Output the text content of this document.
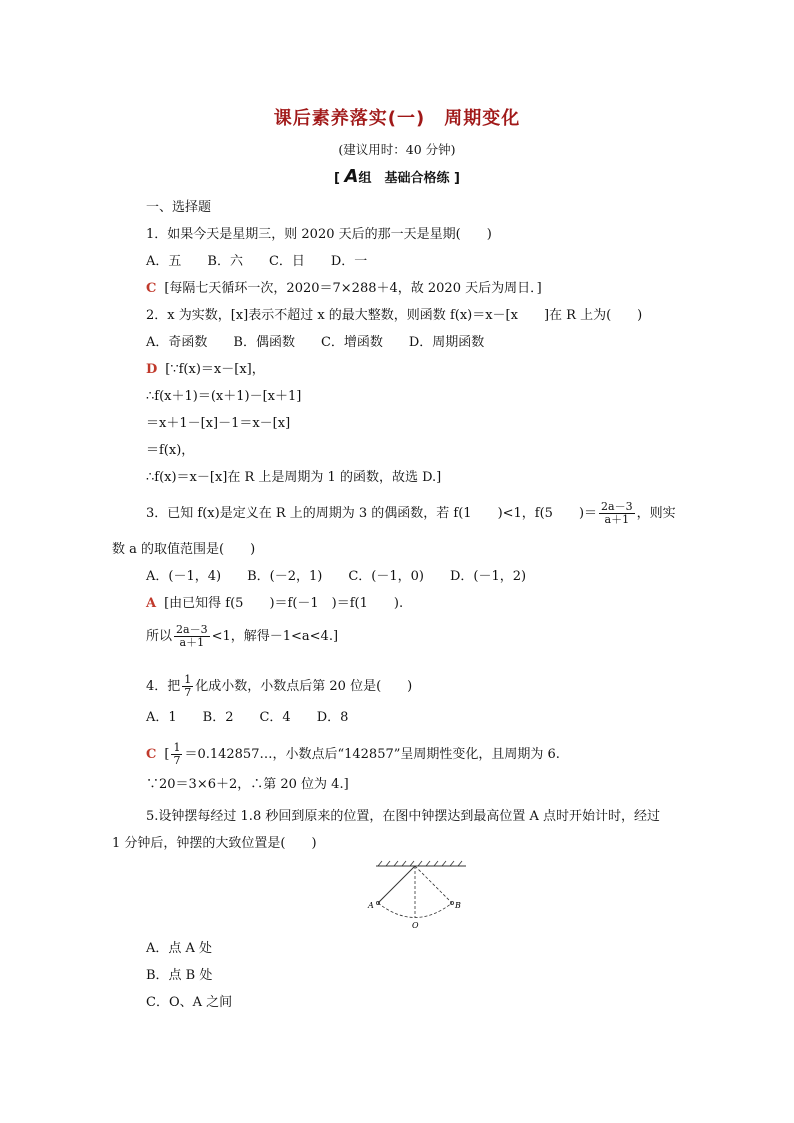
课后素养落实(一)　周期变化
(建议用时：40 分钟)
[ A组　基础合格练 ]
一、选择题
1．如果今天是星期三，则 2020 天后的那一天是星期(　　)
A．五　　B．六　　C．日　　D．一
C [每隔七天循环一次，2020＝7×288＋4，故 2020 天后为周日．]
2．x 为实数，[x]表示不超过 x 的最大整数，则函数 f(x)＝x－[x　　]在 R 上为(　　)
A．奇函数　　B．偶函数　　C．增函数　　D．周期函数
D [∵f(x)＝x－[x]，
∴f(x＋1)＝(x＋1)－[x＋1]
＝x＋1－[x]－1＝x－[x]
＝f(x)，
∴f(x)＝x－[x]在 R 上是周期为 1 的函数，故选 D.]
3．已知 f(x)是定义在 R 上的周期为 3 的偶函数，若 f(1　　)<1，f(5　　)＝ $\frac{2a-3}{a+1}$ ，则实
数 a 的取值范围是(　　)
A．(－1，4)　　B．(－2，1)　　C．(－1，0)　　D．(－1，2)
A [由已知得 f(5　　)＝f(－1　)＝f(1　　).
所以 $\frac{2a-3}{a+1} <1$，解得－1<a<4.]
4．把 $\frac{1}{7}$ 化成小数，小数点后第 20 位是(　　)
A．1　　B．2　　C．4　　D．8
C [ $\frac{1}{7}$ ＝0.142857…，小数点后“142857”呈周期性变化，且周期为 6.
∵20＝3×6＋2，∴第 20 位为 4.]
5.设钟摆每经过 1.8 秒回到原来的位置，在图中钟摆达到最高位置 A 点时开始计时，经过
1 分钟后，钟摆的大致位置是(　　)
A	B
O
A．点 A 处
B．点 B 处
C．O、A 之间
